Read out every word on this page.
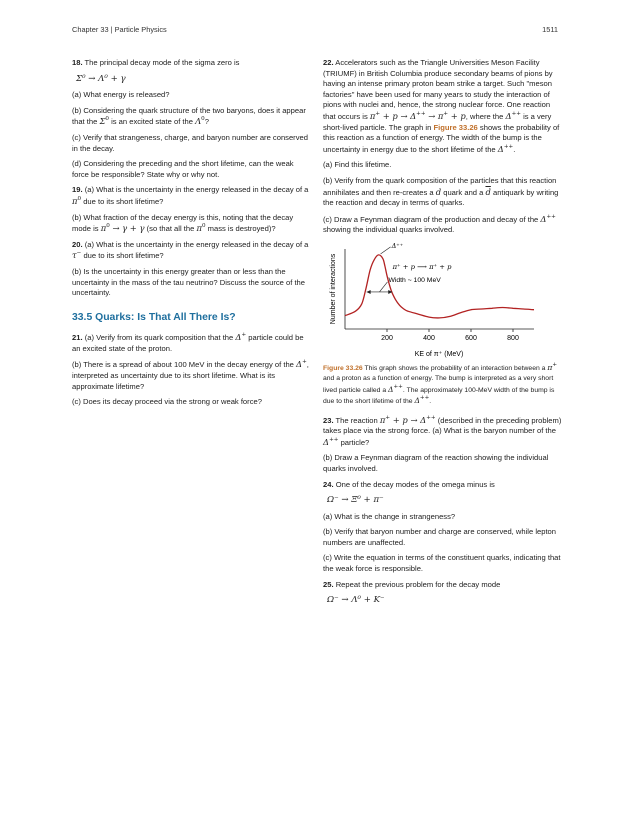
Chapter 33 | Particle Physics	1511
18. The principal decay mode of the sigma zero is
Σ⁰ → Λ⁰ + γ
(a) What energy is released?
(b) Considering the quark structure of the two baryons, does it appear that the $\Sigma^0$ is an excited state of the $\Lambda^0$?
(c) Verify that strangeness, charge, and baryon number are conserved in the decay.
(d) Considering the preceding and the short lifetime, can the weak force be responsible? State why or why not.
19. (a) What is the uncertainty in the energy released in the decay of a $\pi^0$ due to its short lifetime?
(b) What fraction of the decay energy is this, noting that the decay mode is $\pi^0 \to \gamma + \gamma$ (so that all the $\pi^0$ mass is destroyed)?
20. (a) What is the uncertainty in the energy released in the decay of a τ− due to its short lifetime?
(b) Is the uncertainty in this energy greater than or less than the uncertainty in the mass of the tau neutrino? Discuss the source of the uncertainty.
33.5 Quarks: Is That All There Is?
21. (a) Verify from its quark composition that the Δ+ particle could be an excited state of the proton.
(b) There is a spread of about 100 MeV in the decay energy of the Δ+, interpreted as uncertainty due to its short lifetime. What is its approximate lifetime?
(c) Does its decay proceed via the strong or weak force?
22. Accelerators such as the Triangle Universities Meson Facility (TRIUMF) in British Columbia produce secondary beams of pions by having an intense primary proton beam strike a target. Such "meson factories" have been used for many years to study the interaction of pions with nuclei and, hence, the strong nuclear force. One reaction that occurs is π+ + p → Δ++ → π+ + p, where the Δ++ is a very short-lived particle. The graph in Figure 33.26 shows the probability of this reaction as a function of energy. The width of the bump is the uncertainty in energy due to the short lifetime of the Δ++.
(a) Find this lifetime.
(b) Verify from the quark composition of the particles that this reaction annihilates and then re-creates a d quark and a $\overline{d}$ antiquark by writing the reaction and decay in terms of quarks.
(c) Draw a Feynman diagram of the production and decay of the Δ++ showing the individual quarks involved.
Number of interactions
KE of π⁺ (MeV)
200	400	600	800
Δ⁺⁺
π⁺ + p ⟶ π⁺ + p
Width ~ 100 MeV
Figure 33.26 This graph shows the probability of an interaction between a π+ and a proton as a function of energy. The bump is interpreted as a very short lived particle called a Δ++. The approximately 100-MeV width of the bump is due to the short lifetime of the Δ++.
23. The reaction π+ + p → Δ++ (described in the preceding problem) takes place via the strong force. (a) What is the baryon number of the Δ++ particle?
(b) Draw a Feynman diagram of the reaction showing the individual quarks involved.
24. One of the decay modes of the omega minus is
Ω⁻ → Ξ⁰ + π⁻
(a) What is the change in strangeness?
(b) Verify that baryon number and charge are conserved, while lepton numbers are unaffected.
(c) Write the equation in terms of the constituent quarks, indicating that the weak force is responsible.
25. Repeat the previous problem for the decay mode
Ω⁻ → Λ⁰ + K⁻
